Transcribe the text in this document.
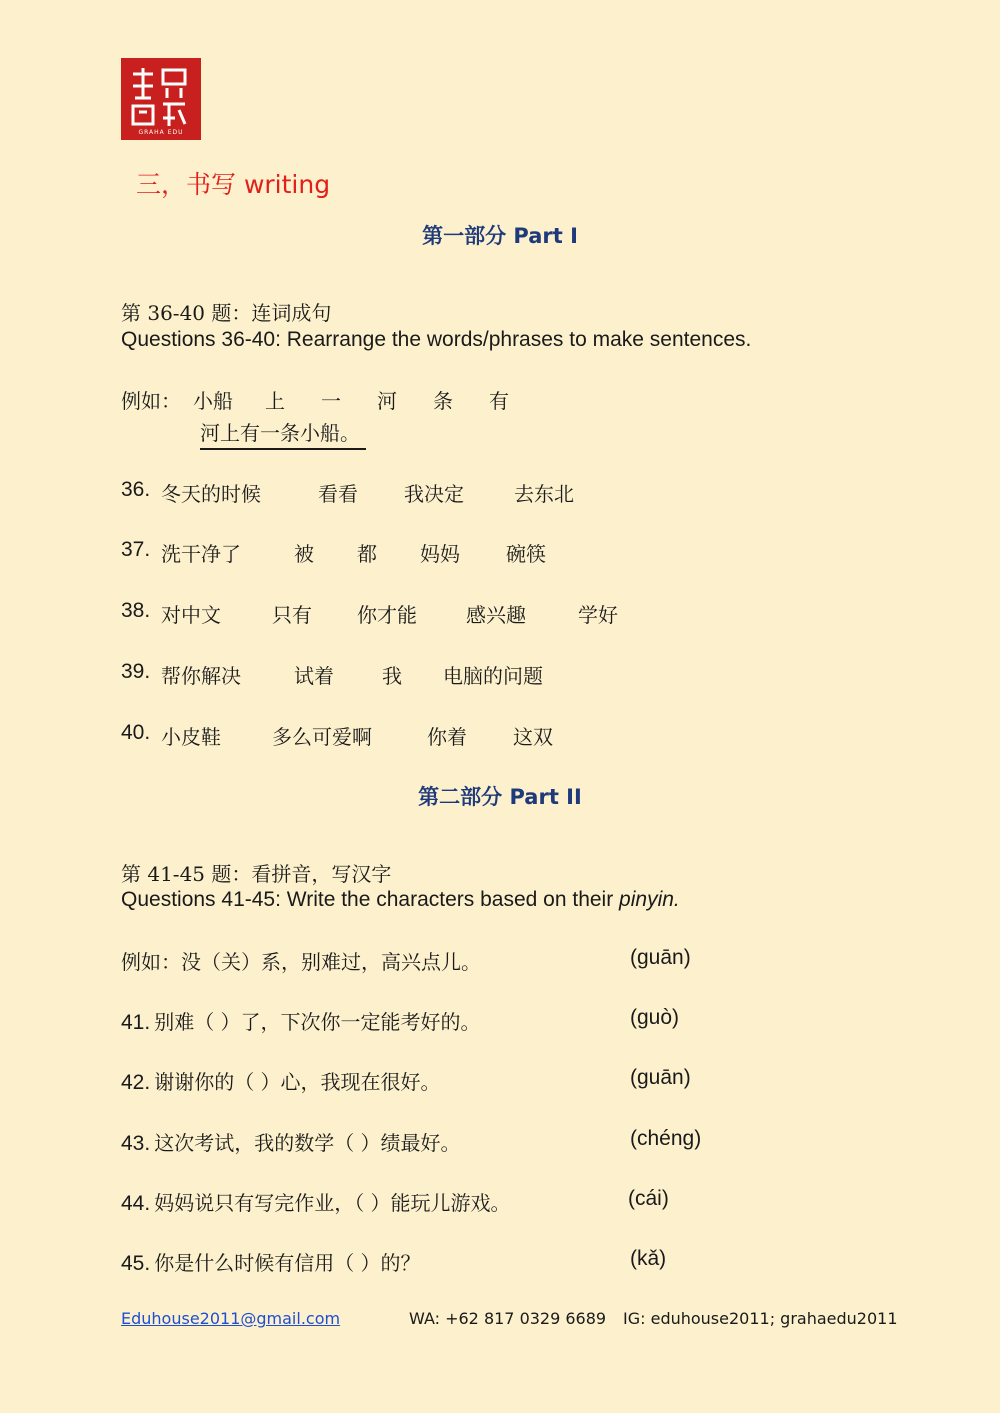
GRAHA EDU
三，书写 writing
第一部分 Part I
第 36-40 题：连词成句
Questions 36-40: Rearrange the words/phrases to make sentences.
例如： 小船 上 一 河 条 有
河上有一条小船。
36. 冬天的时候	看看 我决定	去东北
37. 洗干净了	被 都 妈妈 碗筷
38. 对中文	只有 你才能 感兴趣	学好
39. 帮你解决	试着 我 电脑的问题
40. 小皮鞋	多么可爱啊	你着 这双
第二部分 Part II
第 41-45 题：看拼音，写汉字
Questions 41-45: Write the characters based on their pinyin.
例如：没（关）系，别难过，高兴点儿。	(guān)
41. 别难（ ）了，下次你一定能考好的。	(guò)
42. 谢谢你的（ ）心，我现在很好。	(guān)
43. 这次考试，我的数学（ ）绩最好。	(chéng)
44. 妈妈说只有写完作业，（ ）能玩儿游戏。	(cái)
45. 你是什么时候有信用（ ）的？	(kǎ)
Eduhouse2011@gmail.com	WA: +62 817 0329 6689 IG: eduhouse2011; grahaedu2011
